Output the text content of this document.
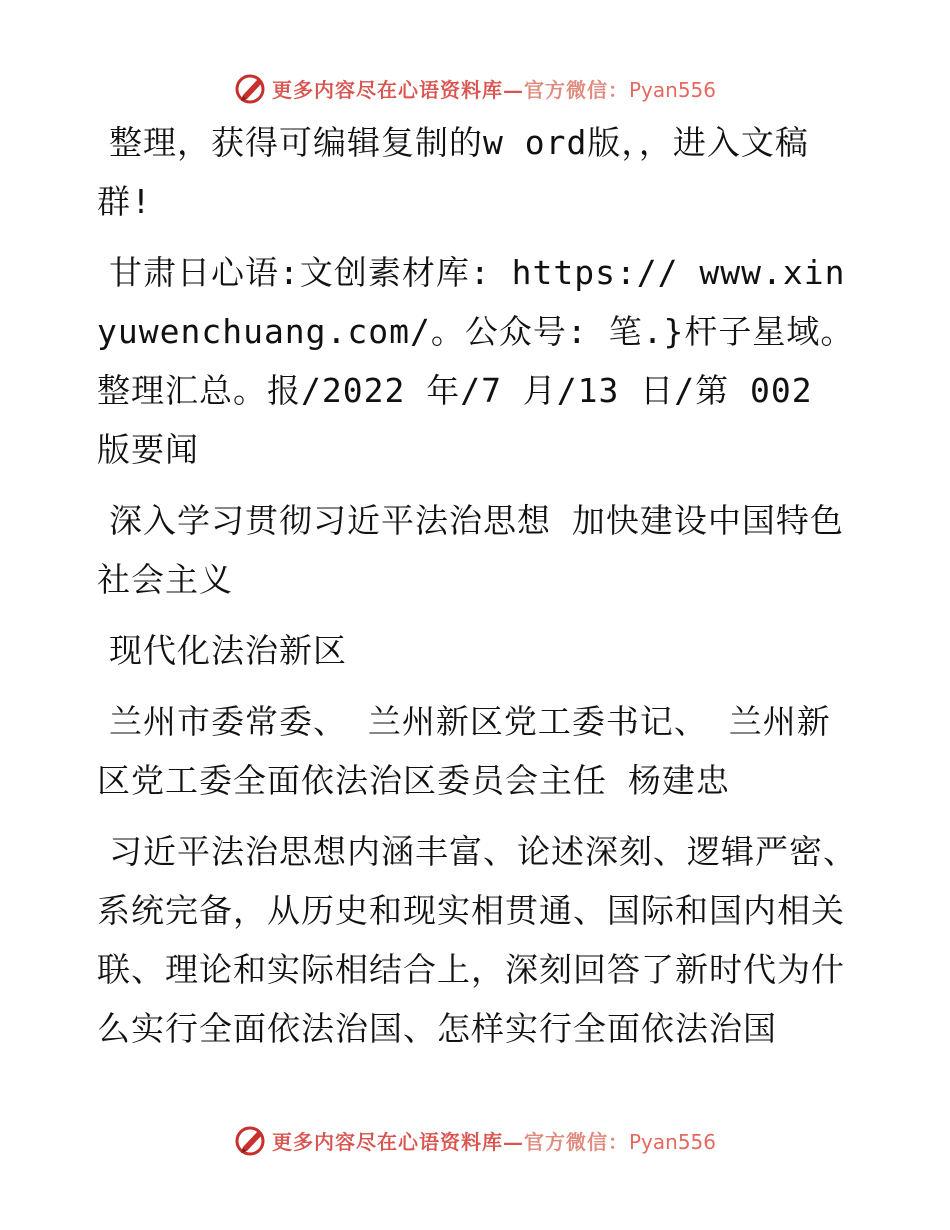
更多内容尽在心语资料库—官方微信：Pyan556

整理，获得可编辑复制的w ord版，，进入文稿群!

甘肃日心语:文创素材库: https:// www.xinyuwenchuang.com/。公众号: 笔.}杆子星域。整理汇总。报/2022 年/7 月/13 日/第 002 版要闻

深入学习贯彻习近平法治思想 加快建设中国特色社会主义

现代化法治新区

兰州市委常委、 兰州新区党工委书记、 兰州新区党工委全面依法治区委员会主任 杨建忠

习近平法治思想内涵丰富、论述深刻、逻辑严密、系统完备，从历史和现实相贯通、国际和国内相关联、理论和实际相结合上，深刻回答了新时代为什么实行全面依法治国、怎样实行全面依法治国

更多内容尽在心语资料库—官方微信：Pyan556
